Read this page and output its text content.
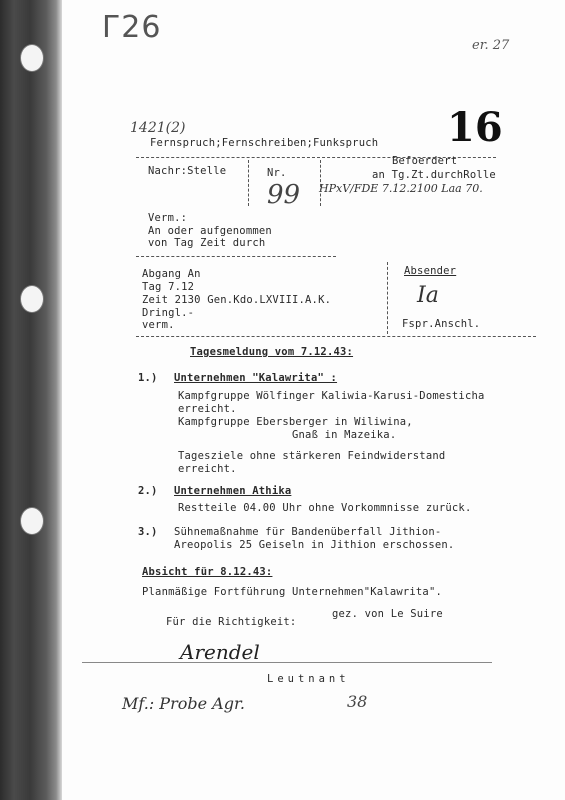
Г26
er. 27
1421(2)	16
Fernspruch;Fernschreiben;Funkspruch
Nachr:Stelle	Nr.
99
Befoerdert
an Tg.Zt.durchRolle
HPxV/FDE 7.12.2100 Laa 70.
Verm.:
An oder aufgenommen
von Tag Zeit durch
Abgang An
Tag 7.12
Zeit 2130 Gen.Kdo.LXVIII.A.K.
Dringl.-
verm.
Absender
Ia
Fspr.Anschl.
Tagesmeldung vom 7.12.43:
1.) Unternehmen "Kalawrita" :
Kampfgruppe Wölfinger Kaliwia-Karusi-Domesticha
erreicht.
Kampfgruppe Ebersberger in Wiliwina,
Gnaß in Mazeika.
Tagesziele ohne stärkeren Feindwiderstand
erreicht.
2.) Unternehmen Athika
Restteile 04.00 Uhr ohne Vorkommnisse zurück.
3.) Sühnemaßnahme für Bandenüberfall Jithion-
Areopolis 25 Geiseln in Jithion erschossen.
Absicht für 8.12.43:
Planmäßige Fortführung Unternehmen"Kalawrita".
Für die Richtigkeit:
gez. von Le Suire
Arendel
Leutnant
Mf.: Probe Agr.	38
